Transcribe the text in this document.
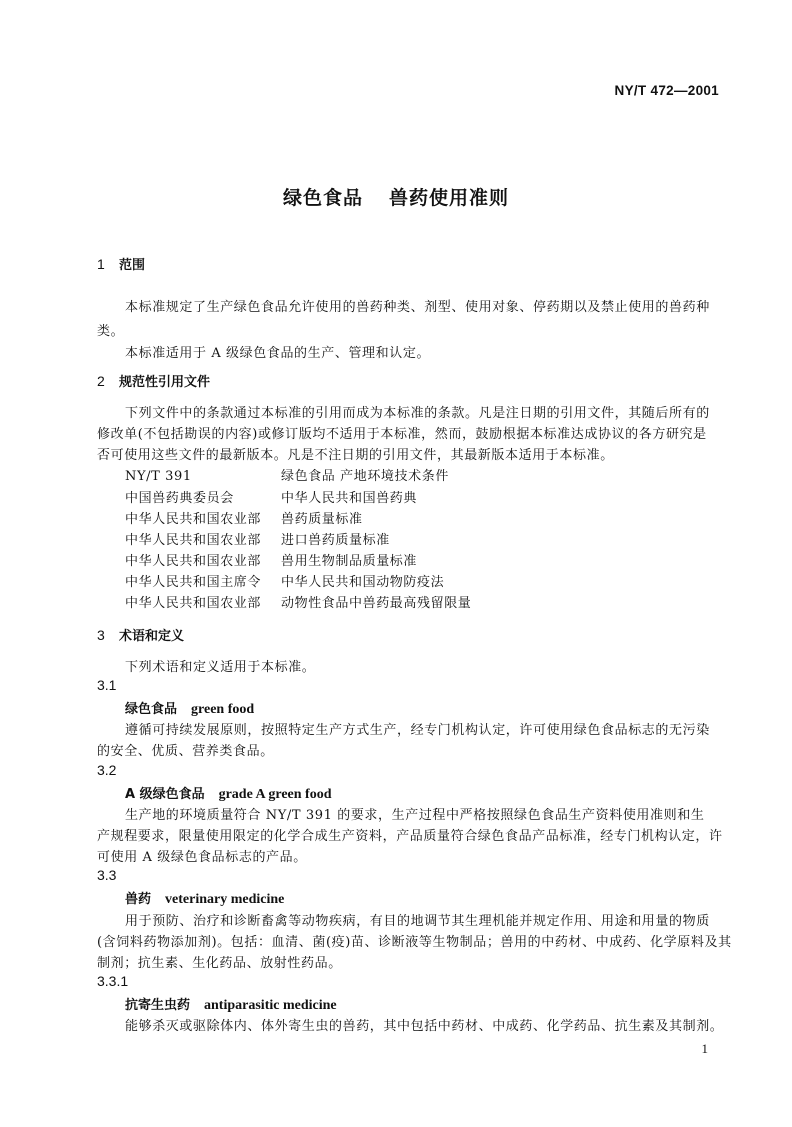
NY/T 472—2001
绿色食品 兽药使用准则
1 范围
本标准规定了生产绿色食品允许使用的兽药种类、剂型、使用对象、停药期以及禁止使用的兽药种
类。
本标准适用于 A 级绿色食品的生产、管理和认定。
2 规范性引用文件
下列文件中的条款通过本标准的引用而成为本标准的条款。凡是注日期的引用文件，其随后所有的
修改单(不包括勘误的内容)或修订版均不适用于本标准，然而，鼓励根据本标准达成协议的各方研究是
否可使用这些文件的最新版本。凡是不注日期的引用文件，其最新版本适用于本标准。
NY/T 391	绿色食品 产地环境技术条件
中国兽药典委员会	中华人民共和国兽药典
中华人民共和国农业部 兽药质量标准
中华人民共和国农业部 进口兽药质量标准
中华人民共和国农业部 兽用生物制品质量标准
中华人民共和国主席令 中华人民共和国动物防疫法
中华人民共和国农业部 动物性食品中兽药最高残留限量
3 术语和定义
下列术语和定义适用于本标准。
3.1
绿色食品 green food
遵循可持续发展原则，按照特定生产方式生产，经专门机构认定，许可使用绿色食品标志的无污染
的安全、优质、营养类食品。
3.2
A 级绿色食品 grade A green food
生产地的环境质量符合 NY/T 391 的要求，生产过程中严格按照绿色食品生产资料使用准则和生
产规程要求，限量使用限定的化学合成生产资料，产品质量符合绿色食品产品标准，经专门机构认定，许
可使用 A 级绿色食品标志的产品。
3.3
兽药 veterinary medicine
用于预防、治疗和诊断畜禽等动物疾病，有目的地调节其生理机能并规定作用、用途和用量的物质
(含饲料药物添加剂)。包括：血清、菌(疫)苗、诊断液等生物制品；兽用的中药材、中成药、化学原料及其
制剂；抗生素、生化药品、放射性药品。
3.3.1
抗寄生虫药 antiparasitic medicine
能够杀灭或驱除体内、体外寄生虫的兽药，其中包括中药材、中成药、化学药品、抗生素及其制剂。
1
